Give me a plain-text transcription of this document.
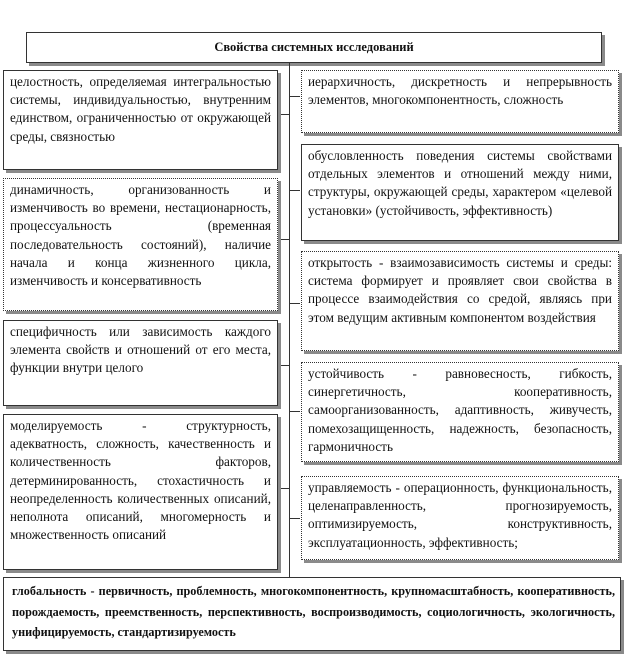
Свойства системных исследований
целостность, определяемая интегральностью системы, индивидуальностью, внутренним единством, ограниченностью от окружающей среды, связностью
динамичность, организованность и изменчивость во времени, нестационарность, процессуальность (временная последовательность состояний), наличие начала и конца жизненного цикла, изменчивость и консервативность
специфичность или зависимость каждого элемента свойств и отношений от его места, функции внутри целого
моделируемость - структурность, адекватность, сложность, качественность и количественность факторов, детерминированность, стохастичность и неопределенность количественных описаний, неполнота описаний, многомерность и множественность описаний
иерархичность, дискретность и непрерывность элементов, многокомпонентность, сложность
обусловленность поведения системы свойствами отдельных элементов и отношений между ними, структуры, окружающей среды, характером «целевой установки» (устойчивость, эффективность)
открытость - взаимозависимость системы и среды: система формирует и проявляет свои свойства в процессе взаимодействия со средой, являясь при этом ведущим активным компонентом воздействия
устойчивость - равновесность, гибкость, синергетичность, кооперативность, самоорганизованность, адаптивность, живучесть, помехозащищенность, надежность, безопасность, гармоничность
управляемость - операционность, функциональность, целенаправленность, прогнозируемость, оптимизируемость, конструктивность, эксплуатационность, эффективность;
глобальность - первичность, проблемность, многокомпонентность, крупномасштабность, кооперативность, порождаемость, преемственность, перспективность, воспроизводимость, социологичность, экологичность, унифицируемость, стандартизируемость
